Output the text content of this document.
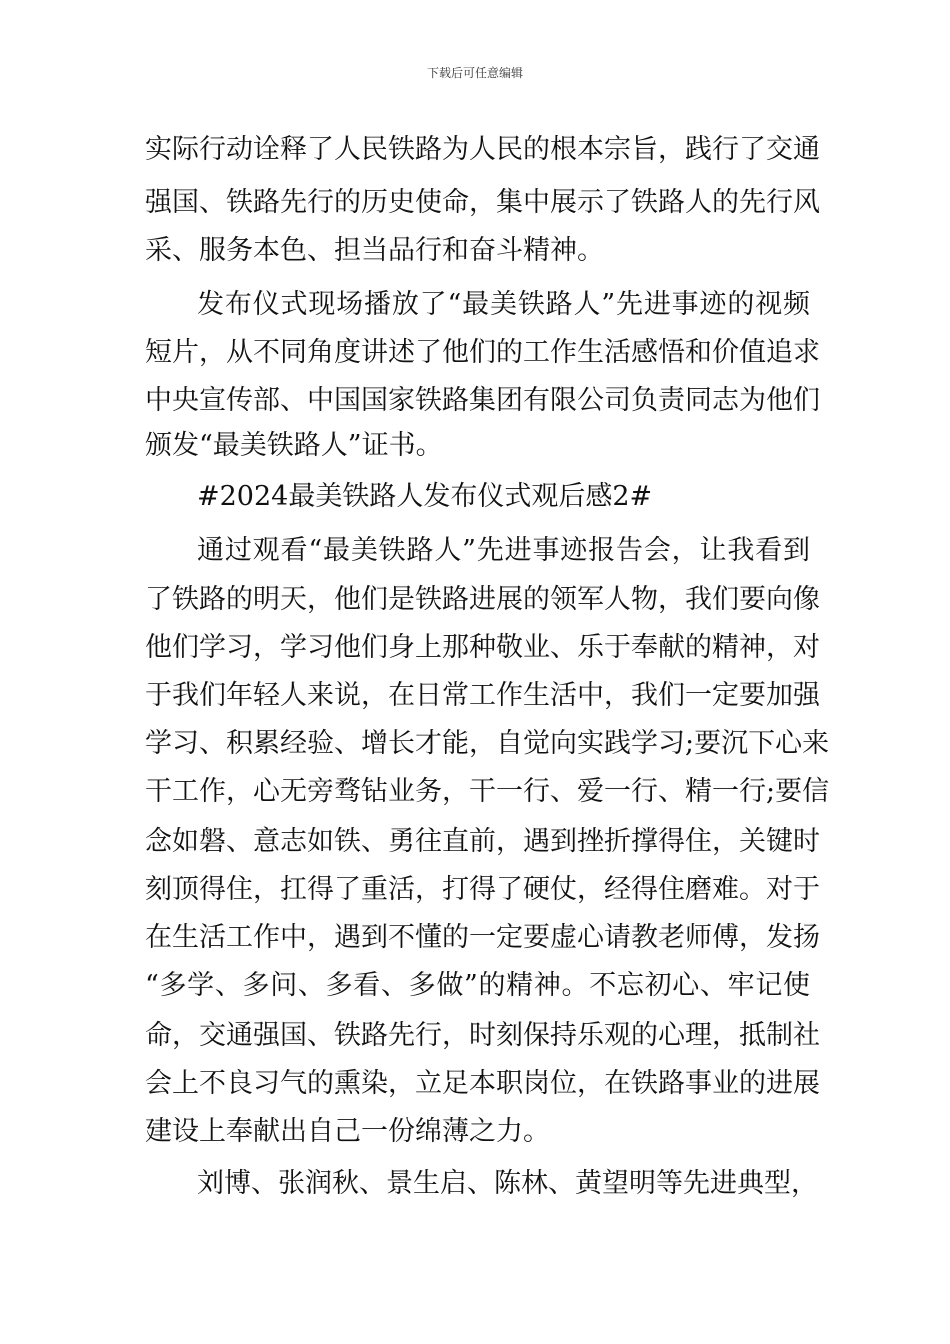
下载后可任意编辑
实际行动诠释了人民铁路为人民的根本宗旨，践行了交通
强国、铁路先行的历史使命，集中展示了铁路人的先行风
采、服务本色、担当品行和奋斗精神。
发布仪式现场播放了“最美铁路人”先进事迹的视频
短片，从不同角度讲述了他们的工作生活感悟和价值追求
中央宣传部、中国国家铁路集团有限公司负责同志为他们
颁发“最美铁路人”证书。
#2024最美铁路人发布仪式观后感2#
通过观看“最美铁路人”先进事迹报告会，让我看到
了铁路的明天，他们是铁路进展的领军人物，我们要向像
他们学习，学习他们身上那种敬业、乐于奉献的精神，对
于我们年轻人来说，在日常工作生活中，我们一定要加强
学习、积累经验、增长才能，自觉向实践学习;要沉下心来
干工作，心无旁骛钻业务，干一行、爱一行、精一行;要信
念如磐、意志如铁、勇往直前，遇到挫折撑得住，关键时
刻顶得住，扛得了重活，打得了硬仗，经得住磨难。对于
在生活工作中，遇到不懂的一定要虚心请教老师傅，发扬
“多学、多问、多看、多做”的精神。不忘初心、牢记使
命，交通强国、铁路先行，时刻保持乐观的心理，抵制社
会上不良习气的熏染，立足本职岗位，在铁路事业的进展
建设上奉献出自己一份绵薄之力。
刘博、张润秋、景生启、陈林、黄望明等先进典型，
